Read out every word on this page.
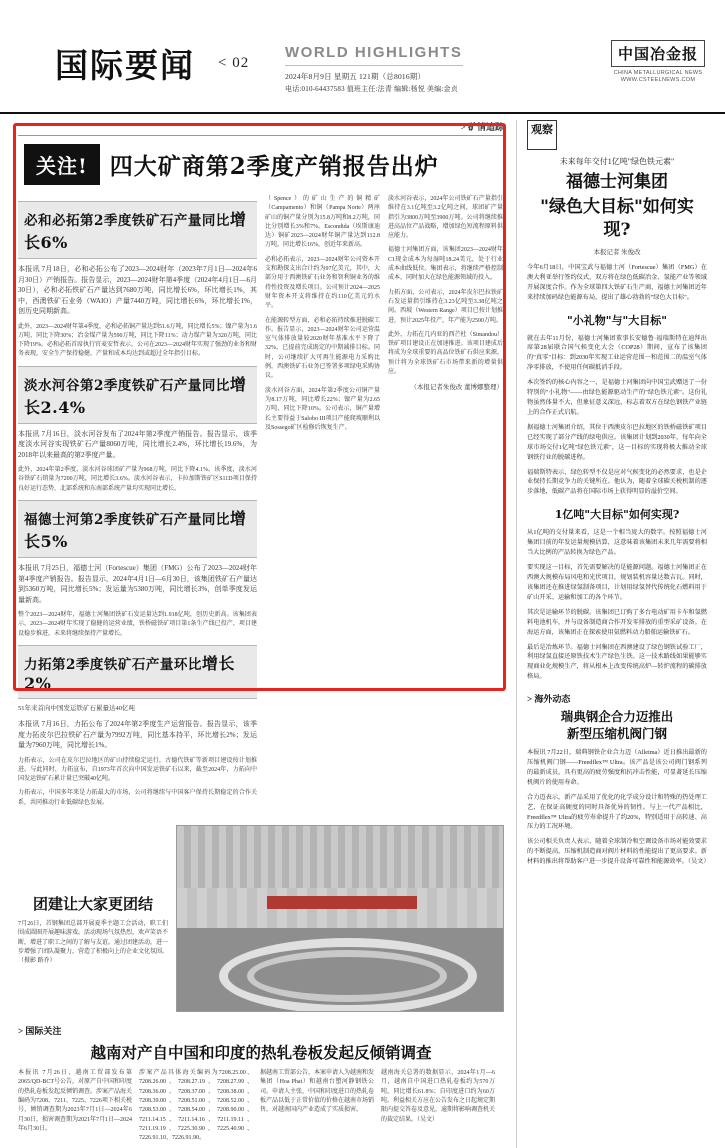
国际要闻 < 02
WORLD HIGHLIGHTS
2024年8月9日 星期五 121期（总8016期）
电话:010-64437583 值班主任:法青 编辑:杨悦 美编:金贞
中国冶金报
CHINA METALLURGICAL NEWS
WWW.CSTEELNEWS.COM
> 矿情追踪
关注! 四大矿商第2季度产销报告出炉
必和必拓第2季度铁矿石产量同比增长6%

本报讯 7月18日，必和必拓公布了2023—2024财年（2023年7月1日—2024年6月30日）产销报告。报告显示，2023—2024财年第4季度（2024年4月1日—6月30日），必和必拓铁矿石产量达到7680万吨，同比增长6%，环比增长1%，其中，西澳铁矿石业务（WAIO）产量7440万吨，同比增长6%，环比增长1%，创历史同期新高。

此外，2023—2024财年第4季度，必和必拓铜产量达到51.6万吨，同比增长5%；镍产量为1.6万吨，同比下降30%；冶金煤产量为590万吨，同比下降11%；动力煤产量为320万吨，同比下降19%。必和必拓首席执行官麦安哲表示，公司在2023—2024财年实现了强劲的业务和财务表现，安全生产保持稳健，产量和成本均达到或超过全年指引目标。

淡水河谷第2季度铁矿石产量同比增长2.4%

本报讯 7月16日，淡水河谷发布了2024年第2季度产销报告。报告显示，该季度淡水河谷实现铁矿石产量8060万吨，同比增长2.4%，环比增长19.6%，为2018年以来最高的第2季度产量。

此外，2024年第2季度，淡水河谷球团矿产量为968万吨，同比下降4.1%。该季度，淡水河谷铁矿石销量为7200万吨，同比增长3.6%。淡水河谷表示，卡拉加斯铁矿区S11D项目保持良好运行态势，北部系统和东南部系统产量均实现同比增长。

福德士河第2季度铁矿石产量同比增长5%

本报讯 7月25日，福德士河（Fortescue）集团（FMG）公布了2023—2024财年第4季度产销报告。报告显示，2024年4月1日—6月30日，该集团铁矿石产量达到5360万吨，同比增长5%；发运量为5380万吨，同比增长3%，创单季度发运量新高。

整个2023—2024财年，福德士河集团铁矿石发运量达到1.918亿吨，创历史新高。该集团表示，2023—2024财年实现了稳健的运营业绩，铁桥磁铁矿项目第1条生产线已投产，项目建设稳步推进，未来将继续保持产量增长。

力拓第2季度铁矿石产量环比增长2%

51年来首向中国发运铁矿石累量达40亿吨

本报讯 7月16日，力拓公布了2024年第2季度生产运营报告。报告显示，该季度力拓皮尔巴拉铁矿石产量为7992万吨，同比基本持平，环比增长2%；发运量为7960万吨，同比增长1%。

力拓表示，公司在皮尔巴拉地区的矿山持续稳定运行，古德代铁矿等新项目建设按计划推进。与此同时，力拓宣布，自1973年首次向中国发运铁矿石以来，截至2024年，力拓向中国发运铁矿石累计量已突破40亿吨。

力拓表示，中国多年来是力拓最大的市场，公司将继续与中国客户保持长期稳定的合作关系，共同推动行业低碳绿色发展。

（Spence）的矿山生产的铜精矿（Campamento）和铜（Pampa Norte）两座矿山的铜产量分别为15.8万吨和8.2万吨，同比分别增长3%和7%。Escondida（埃斯康迪达）铜矿2023—2024财年铜产量达到112.8万吨，同比增长16%，创近年来新高。

必和必拓表示，2023—2024财年公司资本开支和勘探支出合计约为97亿美元，其中，大部分用于西澳铁矿石业务和智利铜业务的维持性投资及增长项目。公司预计2024—2025财年资本开支将维持在约110亿美元的水平。

在能源转型方面，必和必拓持续推进脱碳工作。报告显示，2023—2024财年公司运营温室气体排放量较2020财年基准水平下降了32%，已提前完成既定的中期减排目标。同时，公司继续扩大可再生能源电力采购比例，西澳铁矿石业务已签署多项绿电采购协议。

淡水河谷方面，2024年第2季度公司铜产量为8.17万吨，同比增长22%；镍产量为2.65万吨，同比下降10%。公司表示，铜产量增长主要得益于Salobo III项目产能爬坡顺利以及Sossego矿区检修后恢复生产。

淡水河谷表示，2024年公司铁矿石产量指引维持在3.1亿吨至3.2亿吨之间，球团矿产量指引为3800万吨至3900万吨。公司将继续推进高品位产品战略，增加绿色短流程原料供应能力。

福德士河集团方面，该集团2023—2024财年C1现金成本为每湿吨18.24美元，处于行业成本曲线低位。集团表示，将继续严格控制成本，同时加大在绿色能源领域的投入。

力拓方面，公司表示，2024年皮尔巴拉铁矿石发运量指引维持在3.23亿吨至3.38亿吨之间。西坡（Western Range）项目已按计划推进，预计2025年投产，年产能为2500万吨。

此外，力拓在几内亚的西芒杜（Simandou）铁矿项目建设正在加速推进。该项目建成后将成为全球重要的高品位铁矿石供应来源，预计将为全球铁矿石市场带来新的增量供应。

（本报记者朱俊改 董博娜整理）

团建让大家更团结

7月26日，首钢集团总部开展夏季主题工会活动，职工们围成圆圈开展趣味游戏。活动现场气氛热烈，欢声笑语不断，增进了职工之间的了解与友谊。通过团建活动，进一步增强了团队凝聚力，营造了积极向上的企业文化氛围。（摄影 路乔）

> 国际关注
越南对产自中国和印度的热轧卷板发起反倾销调查

本报讯 7月26日，越南工贸部发布第2065/QD-BCT号公告，对原产自中国和印度的热轧卷板发起反倾销调查。涉案产品海关编码为7208、7211、7225、7226项下相关税号，倾销调查期为2023年7月1日—2024年6月30日，损害调查期为2021年7月1日—2024年6月30日。

涉案产品具体海关编码为7208.25.00、7208.26.00、7208.27.19、7208.27.99、7208.36.00、7208.37.00、7208.38.00、7208.39.00、7208.51.00、7208.52.00、7208.53.00、7208.54.00、7208.90.00、7211.14.15、7211.14.16、7211.19.11、7211.19.19、7225.30.90、7225.40.90、7226.91.10、7226.91.90。

据越南工贸部公告，本案申请人为越南和发集团（Hoa Phat）和越南台塑河静钢铁公司。申请人主张，中国和印度进口的热轧卷板产品以低于正常价值的价格在越南市场销售，对越南国内产业造成了实质损害。

越南海关总署的数据显示，2024年1月—6月，越南自中国进口热轧卷板约为570万吨，同比增长61.8%；自印度进口约为60万吨。利益相关方应在公告发布之日起规定期限内提交答卷及意见，逾期将影响调查机关的裁定结果。（吴文）

观察
未来每年交付1亿吨"绿色铁元素"
福德士河集团
"绿色大目标"如何实现?
本报记者 朱俊改

今年6月18日，中国宝武与福德士河（Fortescue）集团（FMG）在澳大利亚举行签约仪式，双方将在绿色低碳冶金、氢能产业等领域开展深度合作。作为全球第四大铁矿石生产商，福德士河集团近年来持续加码绿色能源布局，提出了雄心勃勃的"绿色大目标"。

"小礼物"与"大目标"

就在去年11月份，福德士河集团董事长安德鲁·福瑞斯特在迪拜出席第28届联合国气候变化大会（COP28）期间，宣布了该集团的"真零"目标：到2030年实现工业运营范围一和范围二的温室气体净零排放，不使用任何碳抵消手段。

本次签约的核心内容之一，是福德士河集团向中国宝武赠送了一份特别的"小礼物"——由绿色能源驱动生产的"绿色铁元素"。这份礼物虽然体量不大，但象征意义深远，标志着双方在绿色钢铁产业链上的合作正式启航。

据福德士河集团介绍，其位于西澳皮尔巴拉地区的铁桥磁铁矿项目已经实现了部分产线的绿电供应。该集团计划到2030年，每年向全球市场交付1亿吨"绿色铁元素"，这一目标的实现将极大推动全球钢铁行业的脱碳进程。

福瑞斯特表示，绿色转型不仅是应对气候变化的必然要求，也是企业保持长期竞争力的关键所在。他认为，随着全球碳关税机制的逐步落地，低碳产品将在国际市场上获得明显的溢价空间。

1亿吨"大目标"如何实现?

从1亿吨的交付量来看，这是一个相当庞大的数字。按照福德士河集团目前的年发运量规模估算，这意味着该集团未来几年需要将相当大比例的产品转换为绿色产品。

要实现这一目标，首先需要解决的是能源问题。福德士河集团正在西澳大规模布局风电和光伏项目，规划装机容量达数吉瓦。同时，该集团还在推进绿氢制备项目，计划用绿氢替代传统化石燃料用于矿山开采、运输和加工的各个环节。

其次是运输环节的脱碳。该集团已订购了多台电动矿用卡车和氢燃料电池机车，并与设备制造商合作开发零排放的重型采矿设备。在海运方面，该集团正在探索使用氨燃料动力船舶运输铁矿石。

最后是冶炼环节。福德士河集团在西澳建设了绿色钢铁试验工厂，利用绿氢直接还原铁技术生产绿色生铁。这一技术路线如果能够实现商业化规模生产，将从根本上改变传统高炉—转炉流程的碳排放格局。

> 海外动态
瑞典钢企合力迈推出
新型压缩机阀门钢

本报讯 7月22日，瑞典钢铁企业合力迈（Alleima）近日推出最新的压缩机阀门钢——Freedflex™ Ultra。该产品是该公司阀门钢系列的最新成员，具有更高的疲劳强度和抗冲击性能，可显著延长压缩机阀片的使用寿命。

合力迈表示，新产品采用了优化的化学成分设计和特殊的热处理工艺，在保证高硬度的同时具备优异的韧性。与上一代产品相比，Freedflex™ Ultra的疲劳寿命提升了约20%，特别适用于高转速、高压力的工况环境。

该公司相关负责人表示，随着全球制冷和空调设备市场对能效要求的不断提高，压缩机制造商对阀片材料的性能提出了更高要求。新材料的推出将帮助客户进一步提升设备可靠性和能源效率。（吴文）
